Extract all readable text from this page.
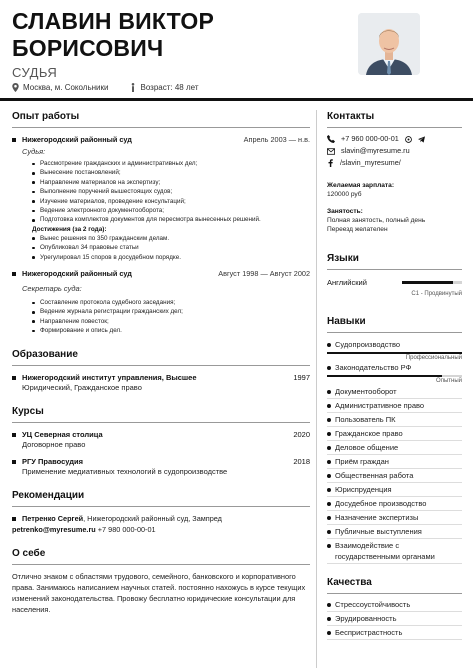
СЛАВИН ВИКТОР
БОРИСОВИЧ
СУДЬЯ
Москва, м. Сокольники	Возраст: 48 лет
Опыт работы
Нижегородский районный суд	Апрель 2003 — н.в.
Судья:
Рассмотрение гражданских и административных дел;
Вынесение постановлений;
Направление материалов на экспертизу;
Выполнение поручений вышестоящих судов;
Изучение материалов, проведение консультаций;
Ведение электронного документооборота;
Подготовка комплектов документов для пересмотра вынесенных решений.
Достижения (за 2 года):
Вынес решения по 350 гражданским делам.
Опубликовал 34 правовые статьи
Урегулировал 15 споров в досудебном порядке.
Нижегородский районный суд	Август 1998 — Август 2002
Секретарь суда:
Составление протокола судебного заседания;
Ведение журнала регистрации гражданских дел;
Направление повесток;
Формирование и опись дел.
Образование
Нижегородский институт управления, Высшее	1997
Юридический, Гражданское право
Курсы
УЦ Северная столица	2020
Договорное право
РГУ Правосудия	2018
Применение медиативных технологий в судопроизводстве
Рекомендации
Петренко Сергей, Нижегородский районный суд, Зампред
petrenko@myresume.ru +7 980 000-00-01
О себе
Отлично знаком с областями трудового, семейного, банковского и корпоративного права. Занимаюсь написанием научных статей. постоянно нахожусь в курсе текущих изменений законодательства. Провожу бесплатно юридические консультации для населения.
Контакты
+7 960 000-00-01
slavin@myresume.ru
/slavin_myresume/
Желаемая зарплата:
120000 руб
Занятость:
Полная занятость, полный день
Переезд желателен
Языки
Английский
C1 - Продвинутый
Навыки
Судопроизводство
Профессиональный
Законодательство РФ
Опытный
Документооборот
Административное право
Пользователь ПК
Гражданское право
Деловое общение
Приём граждан
Общественная работа
Юриспруденция
Досудебное производство
Назначение экспертизы
Публичные выступления
Взаимодействие с государственными органами
Качества
Стрессоустойчивость
Эрудированность
Беспристрастность
